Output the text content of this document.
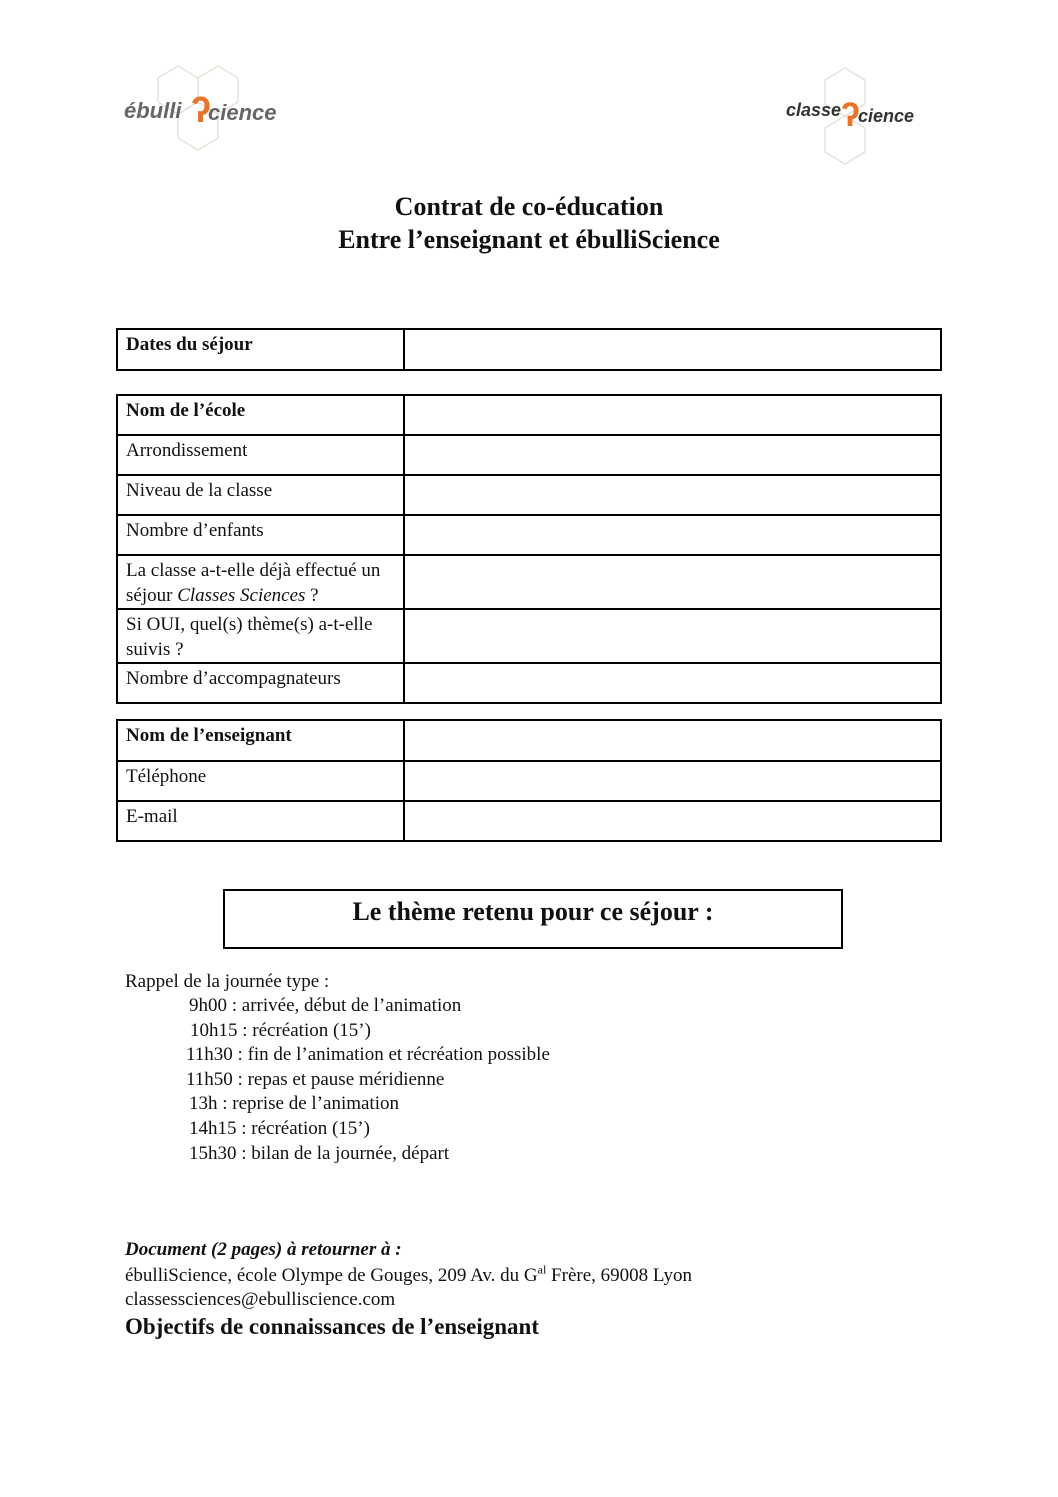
ébulli ʔ
cience	classe ʔ
cience
Contrat de co-éducation
Entre l’enseignant et ébulliScience
Dates du séjour	
Nom de l’école	
Arrondissement	
Niveau de la classe	
Nombre d’enfants	
La classe a-t-elle déjà effectué un séjour Classes Sciences ?	
Si OUI, quel(s) thème(s) a-t-elle suivis ?	
Nombre d’accompagnateurs	
Nom de l’enseignant	
Téléphone	
E-mail	
Le thème retenu pour ce séjour :
Rappel de la journée type :
9h00 : arrivée, début de l’animation
10h15 : récréation (15’)
11h30 : fin de l’animation et récréation possible
11h50 : repas et pause méridienne
13h : reprise de l’animation
14h15 : récréation (15’)
15h30 : bilan de la journée, départ
Document (2 pages) à retourner à :
ébulliScience, école Olympe de Gouges, 209 Av. du $G^{al}$ Frère, 69008 Lyon
classessciences@ebulliscience.com
Objectifs de connaissances de l’enseignant
